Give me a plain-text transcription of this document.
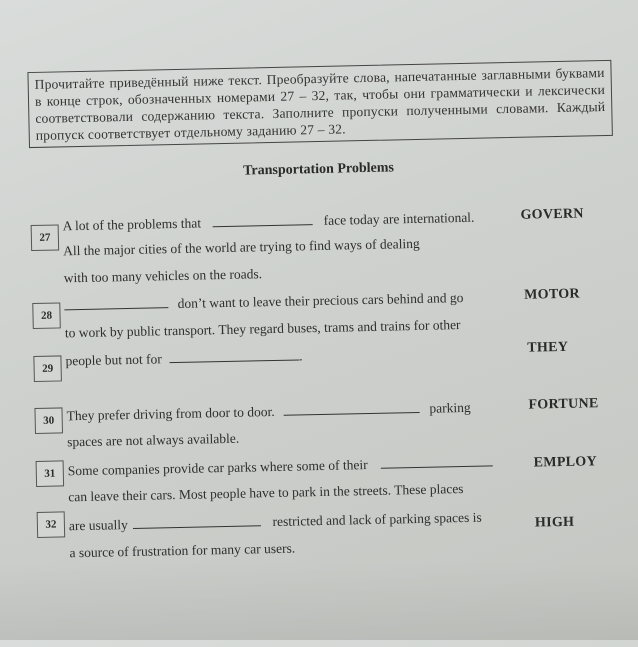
Прочитайте приведённый ниже текст. Преобразуйте слова, напечатанные заглавными буквами в конце строк, обозначенных номерами 27 – 32, так, чтобы они грамматически и лексически соответствовали содержанию текста. Заполните пропуски полученными словами. Каждый пропуск соответствует отдельному заданию 27 – 32.
Transportation Problems
27
A lot of the problems that	face today are international.
All the major cities of the world are trying to find ways of dealing
with too many vehicles on the roads.
GOVERN
28
don’t want to leave their precious cars behind and go
to work by public transport. They regard buses, trams and trains for other
MOTOR
29
people but not for	.
THEY
30 They prefer driving from door to door.	parking
spaces are not always available.
FORTUNE
31 Some companies provide car parks where some of their
can leave their cars. Most people have to park in the streets. These places
EMPLOY
32 are usually	restricted and lack of parking spaces is
a source of frustration for many car users.
HIGH
